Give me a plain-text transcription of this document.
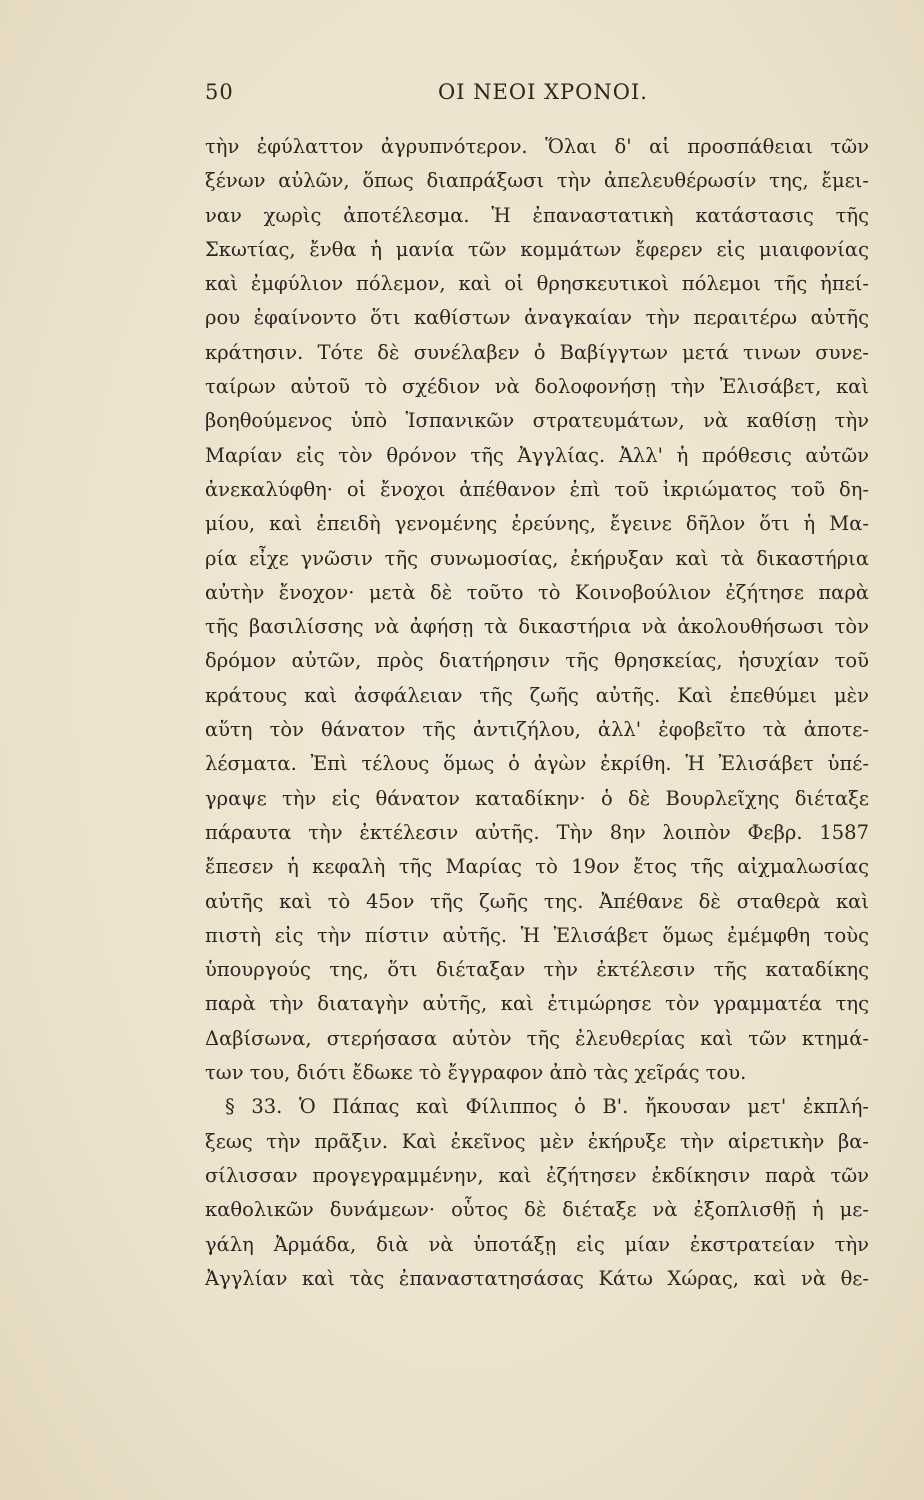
50	ΟΙ ΝΕΟΙ ΧΡΟΝΟΙ.
τὴν ἐφύλαττον ἀγρυπνότερον. Ὅλαι δ' αἱ προσπάθειαι τῶν
ξένων αὐλῶν, ὅπως διαπράξωσι τὴν ἀπελευθέρωσίν της, ἔμει-
ναν χωρὶς ἀποτέλεσμα. Ἡ ἐπαναστατικὴ κατάστασις τῆς
Σκωτίας, ἔνθα ἡ μανία τῶν κομμάτων ἔφερεν εἰς μιαιφονίας
καὶ ἐμφύλιον πόλεμον, καὶ οἱ θρησκευτικοὶ πόλεμοι τῆς ἠπεί-
ρου ἐφαίνοντο ὅτι καθίστων ἀναγκαίαν τὴν περαιτέρω αὐτῆς
κράτησιν. Τότε δὲ συνέλαβεν ὁ Βαβίγγτων μετά τινων συνε-
ταίρων αὐτοῦ τὸ σχέδιον νὰ δολοφονήσῃ τὴν Ἐλισάβετ, καὶ
βοηθούμενος ὑπὸ Ἱσπανικῶν στρατευμάτων, νὰ καθίσῃ τὴν
Μαρίαν εἰς τὸν θρόνον τῆς Ἀγγλίας. Ἀλλ' ἡ πρόθεσις αὐτῶν
ἀνεκαλύφθη· οἱ ἔνοχοι ἀπέθανον ἐπὶ τοῦ ἰκριώματος τοῦ δη-
μίου, καὶ ἐπειδὴ γενομένης ἐρεύνης, ἔγεινε δῆλον ὅτι ἡ Μα-
ρία εἶχε γνῶσιν τῆς συνωμοσίας, ἐκήρυξαν καὶ τὰ δικαστήρια
αὐτὴν ἔνοχον· μετὰ δὲ τοῦτο τὸ Κοινοβούλιον ἐζήτησε παρὰ
τῆς βασιλίσσης νὰ ἀφήσῃ τὰ δικαστήρια νὰ ἀκολουθήσωσι τὸν
δρόμον αὐτῶν, πρὸς διατήρησιν τῆς θρησκείας, ἡσυχίαν τοῦ
κράτους καὶ ἀσφάλειαν τῆς ζωῆς αὐτῆς. Καὶ ἐπεθύμει μὲν
αὕτη τὸν θάνατον τῆς ἀντιζήλου, ἀλλ' ἐφοβεῖτο τὰ ἀποτε-
λέσματα. Ἐπὶ τέλους ὅμως ὁ ἀγὼν ἐκρίθη. Ἡ Ἐλισάβετ ὑπέ-
γραψε τὴν εἰς θάνατον καταδίκην· ὁ δὲ Βουρλεῖχης διέταξε
πάραυτα τὴν ἐκτέλεσιν αὐτῆς. Τὴν 8ην λοιπὸν Φεβρ. 1587
ἔπεσεν ἡ κεφαλὴ τῆς Μαρίας τὸ 19ον ἔτος τῆς αἰχμαλωσίας
αὐτῆς καὶ τὸ 45ον τῆς ζωῆς της. Ἀπέθανε δὲ σταθερὰ καὶ
πιστὴ εἰς τὴν πίστιν αὐτῆς. Ἡ Ἐλισάβετ ὅμως ἐμέμφθη τοὺς
ὑπουργούς της, ὅτι διέταξαν τὴν ἐκτέλεσιν τῆς καταδίκης
παρὰ τὴν διαταγὴν αὐτῆς, καὶ ἐτιμώρησε τὸν γραμματέα της
Δαβίσωνα, στερήσασα αὐτὸν τῆς ἐλευθερίας καὶ τῶν κτημά-
των του, διότι ἔδωκε τὸ ἔγγραφον ἀπὸ τὰς χεῖράς του.
§ 33. Ὁ Πάπας καὶ Φίλιππος ὁ Β'. ἤκουσαν μετ' ἐκπλή-
ξεως τὴν πρᾶξιν. Καὶ ἐκεῖνος μὲν ἐκήρυξε τὴν αἱρετικὴν βα-
σίλισσαν προγεγραμμένην, καὶ ἐζήτησεν ἐκδίκησιν παρὰ τῶν
καθολικῶν δυνάμεων· οὗτος δὲ διέταξε νὰ ἐξοπλισθῇ ἡ με-
γάλη Ἀρμάδα, διὰ νὰ ὑποτάξῃ εἰς μίαν ἐκστρατείαν τὴν
Ἀγγλίαν καὶ τὰς ἐπαναστατησάσας Κάτω Χώρας, καὶ νὰ θε-
